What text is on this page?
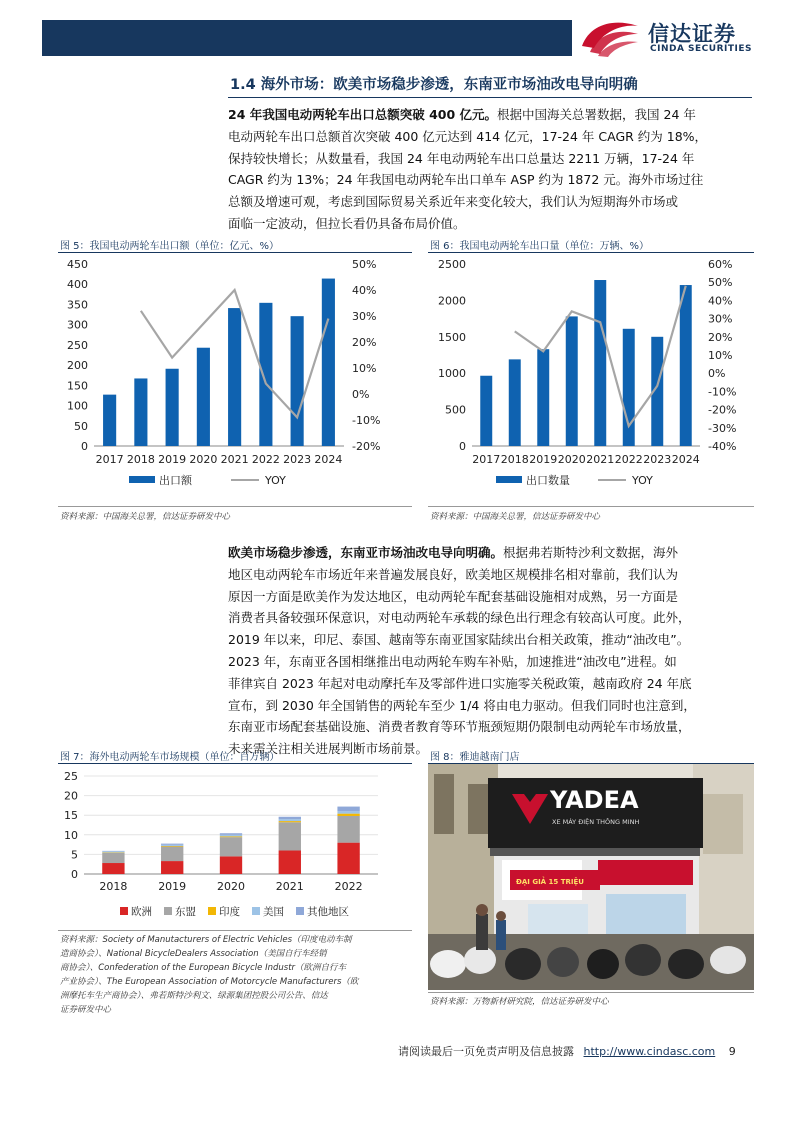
信达证券
CINDA SECURITIES
1.4 海外市场：欧美市场稳步渗透，东南亚市场油改电导向明确
24 年我国电动两轮车出口总额突破 400 亿元。根据中国海关总署数据，我国 24 年
电动两轮车出口总额首次突破 400 亿元达到 414 亿元，17-24 年 CAGR 约为 18%，
保持较快增长；从数量看，我国 24 年电动两轮车出口总量达 2211 万辆，17-24 年
CAGR 约为 13%；24 年我国电动两轮车出口单车 ASP 约为 1872 元。海外市场过往
总额及增速可观，考虑到国际贸易关系近年来变化较大，我们认为短期海外市场或
面临一定波动，但拉长看仍具备布局价值。
图 5：我国电动两轮车出口额（单位：亿元、%）
0
50
100
150
200
250
300
350
400
450
-20%
-10%
0%
10%
20%
30%
40%
50%
2017 2018 2019 2020 2021 2022 2023 2024
出口额	YOY
资料来源：中国海关总署，信达证券研发中心
图 6：我国电动两轮车出口量（单位：万辆、%）
0
500
1000
1500
2000
2500
-40%
-30%
-20%
-10%
0%
10%
20%
30%
40%
50%
60%
2017 2018 2019 2020 2021 2022 2023 2024
出口数量	YOY
资料来源：中国海关总署，信达证券研发中心
欧美市场稳步渗透，东南亚市场油改电导向明确。根据弗若斯特沙利文数据，海外
地区电动两轮车市场近年来普遍发展良好，欧美地区规模排名相对靠前，我们认为
原因一方面是欧美作为发达地区，电动两轮车配套基础设施相对成熟，另一方面是
消费者具备较强环保意识，对电动两轮车承载的绿色出行理念有较高认可度。此外，
2019 年以来，印尼、泰国、越南等东南亚国家陆续出台相关政策，推动“油改电”。
2023 年，东南亚各国相继推出电动两轮车购车补贴，加速推进“油改电”进程。如
菲律宾自 2023 年起对电动摩托车及零部件进口实施零关税政策，越南政府 24 年底
宣布，到 2030 年全国销售的两轮车至少 1/4 将由电力驱动。但我们同时也注意到，
东南亚市场配套基础设施、消费者教育等环节瓶颈短期仍限制电动两轮车市场放量，
未来需关注相关进展判断市场前景。
图 7：海外电动两轮车市场规模（单位：百万辆）
0
5
10
15
20
25
2018	2019	2020	2021	2022
欧洲 东盟 印度 美国 其他地区
资料来源：Society of Manutacturers of Electric Vehicles（印度电动车制
造商协会）、National BicycleDealers Association（美国自行车经销
商协会）、Confederation of the European Bicycle Industr（欧洲自行车
产业协会）、The European Association of Motorcycle Manufacturers（欧
洲摩托车生产商协会）、弗若斯特沙利文、绿源集团控股公司公告、信达
证券研发中心
图 8：雅迪越南门店
YADEA
XE MÁY ĐIỆN THÔNG MINH
ĐẠI GIẢ 15 TRIỆU
资料来源：万物新材研究院，信达证券研发中心
请阅读最后一页免责声明及信息披露 http://www.cindasc.com 9
